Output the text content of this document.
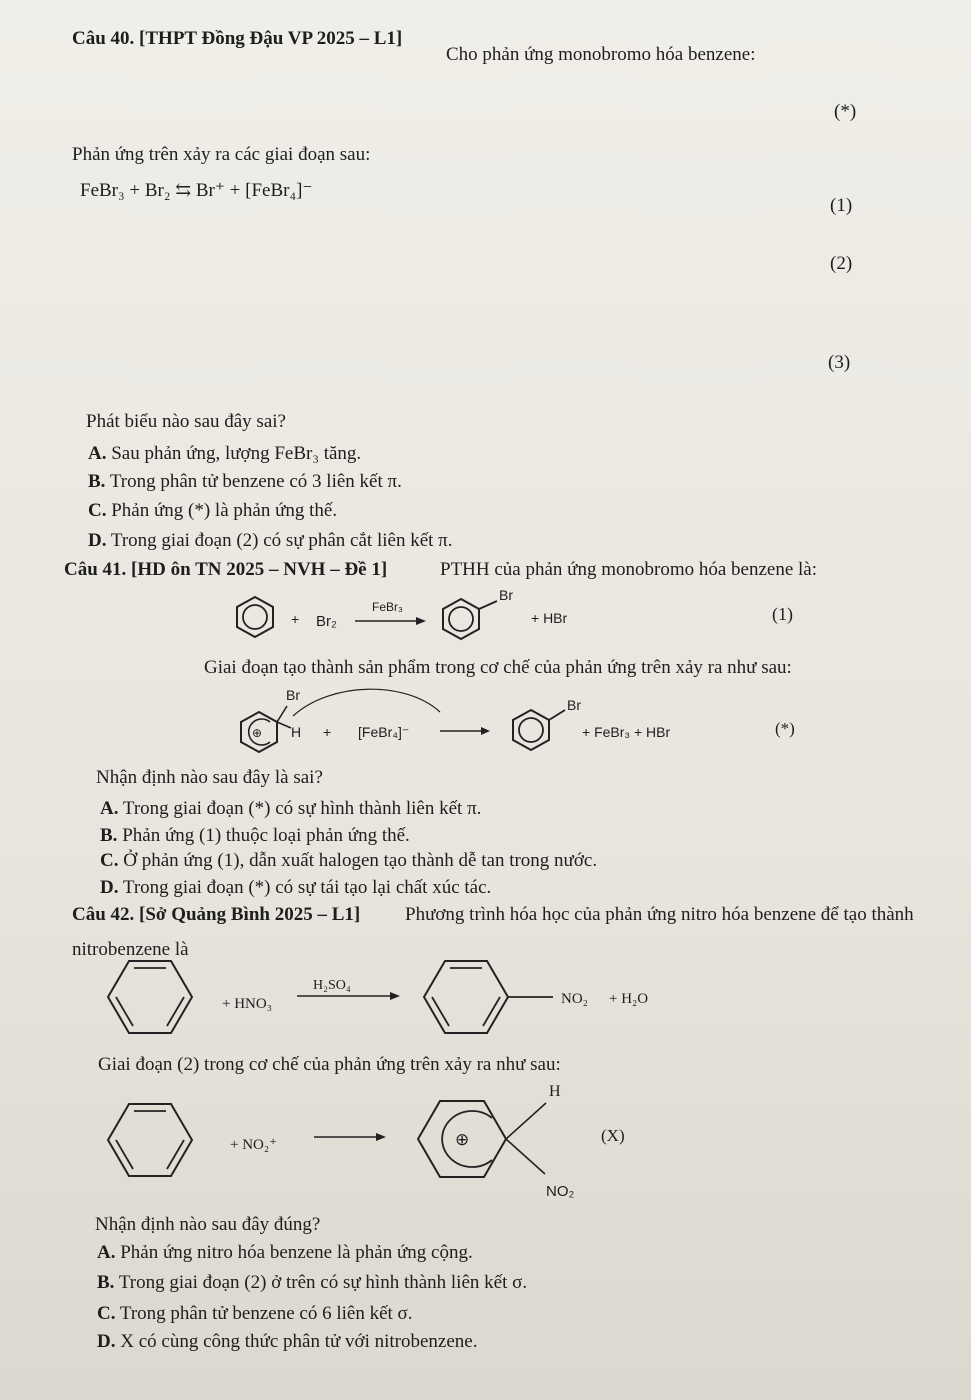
Câu 40. [THPT Đồng Đậu VP 2025 – L1]
Cho phản ứng monobromo hóa benzene:
(*)
Phản ứng trên xảy ra các giai đoạn sau:
FeBr₃ + Br₂ ⇆ Br⁺ + [FeBr₄]⁻
(1)
(2)
(3)
Phát biểu nào sau đây sai?
A. Sau phản ứng, lượng FeBr₃ tăng.
B. Trong phân tử benzene có 3 liên kết π.
C. Phản ứng (*) là phản ứng thế.
D. Trong giai đoạn (2) có sự phân cắt liên kết π.
Câu 41. [HD ôn TN 2025 – NVH – Đề 1]	PTHH của phản ứng monobromo hóa benzene là:
+ Br₂
FeBr₃
Br
+ HBr	(1)
Giai đoạn tạo thành sản phẩm trong cơ chế của phản ứng trên xảy ra như sau:
⊕
Br
H + [FeBr₄]⁻
Br
+ FeBr₃ + HBr	(*)
Nhận định nào sau đây là sai?
A. Trong giai đoạn (*) có sự hình thành liên kết π.
B. Phản ứng (1) thuộc loại phản ứng thế.
C. Ở phản ứng (1), dẫn xuất halogen tạo thành dễ tan trong nước.
D. Trong giai đoạn (*) có sự tái tạo lại chất xúc tác.
Câu 42. [Sở Quảng Bình 2025 – L1] Phương trình hóa học của phản ứng nitro hóa benzene để tạo thành
nitrobenzene là
+ HNO₃
H₂SO₄
NO₂ + H₂O
Giai đoạn (2) trong cơ chế của phản ứng trên xảy ra như sau:
+ NO₂⁺	⊕
H
NO₂
(X)
Nhận định nào sau đây đúng?
A. Phản ứng nitro hóa benzene là phản ứng cộng.
B. Trong giai đoạn (2) ở trên có sự hình thành liên kết σ.
C. Trong phân tử benzene có 6 liên kết σ.
D. X có cùng công thức phân tử với nitrobenzene.
